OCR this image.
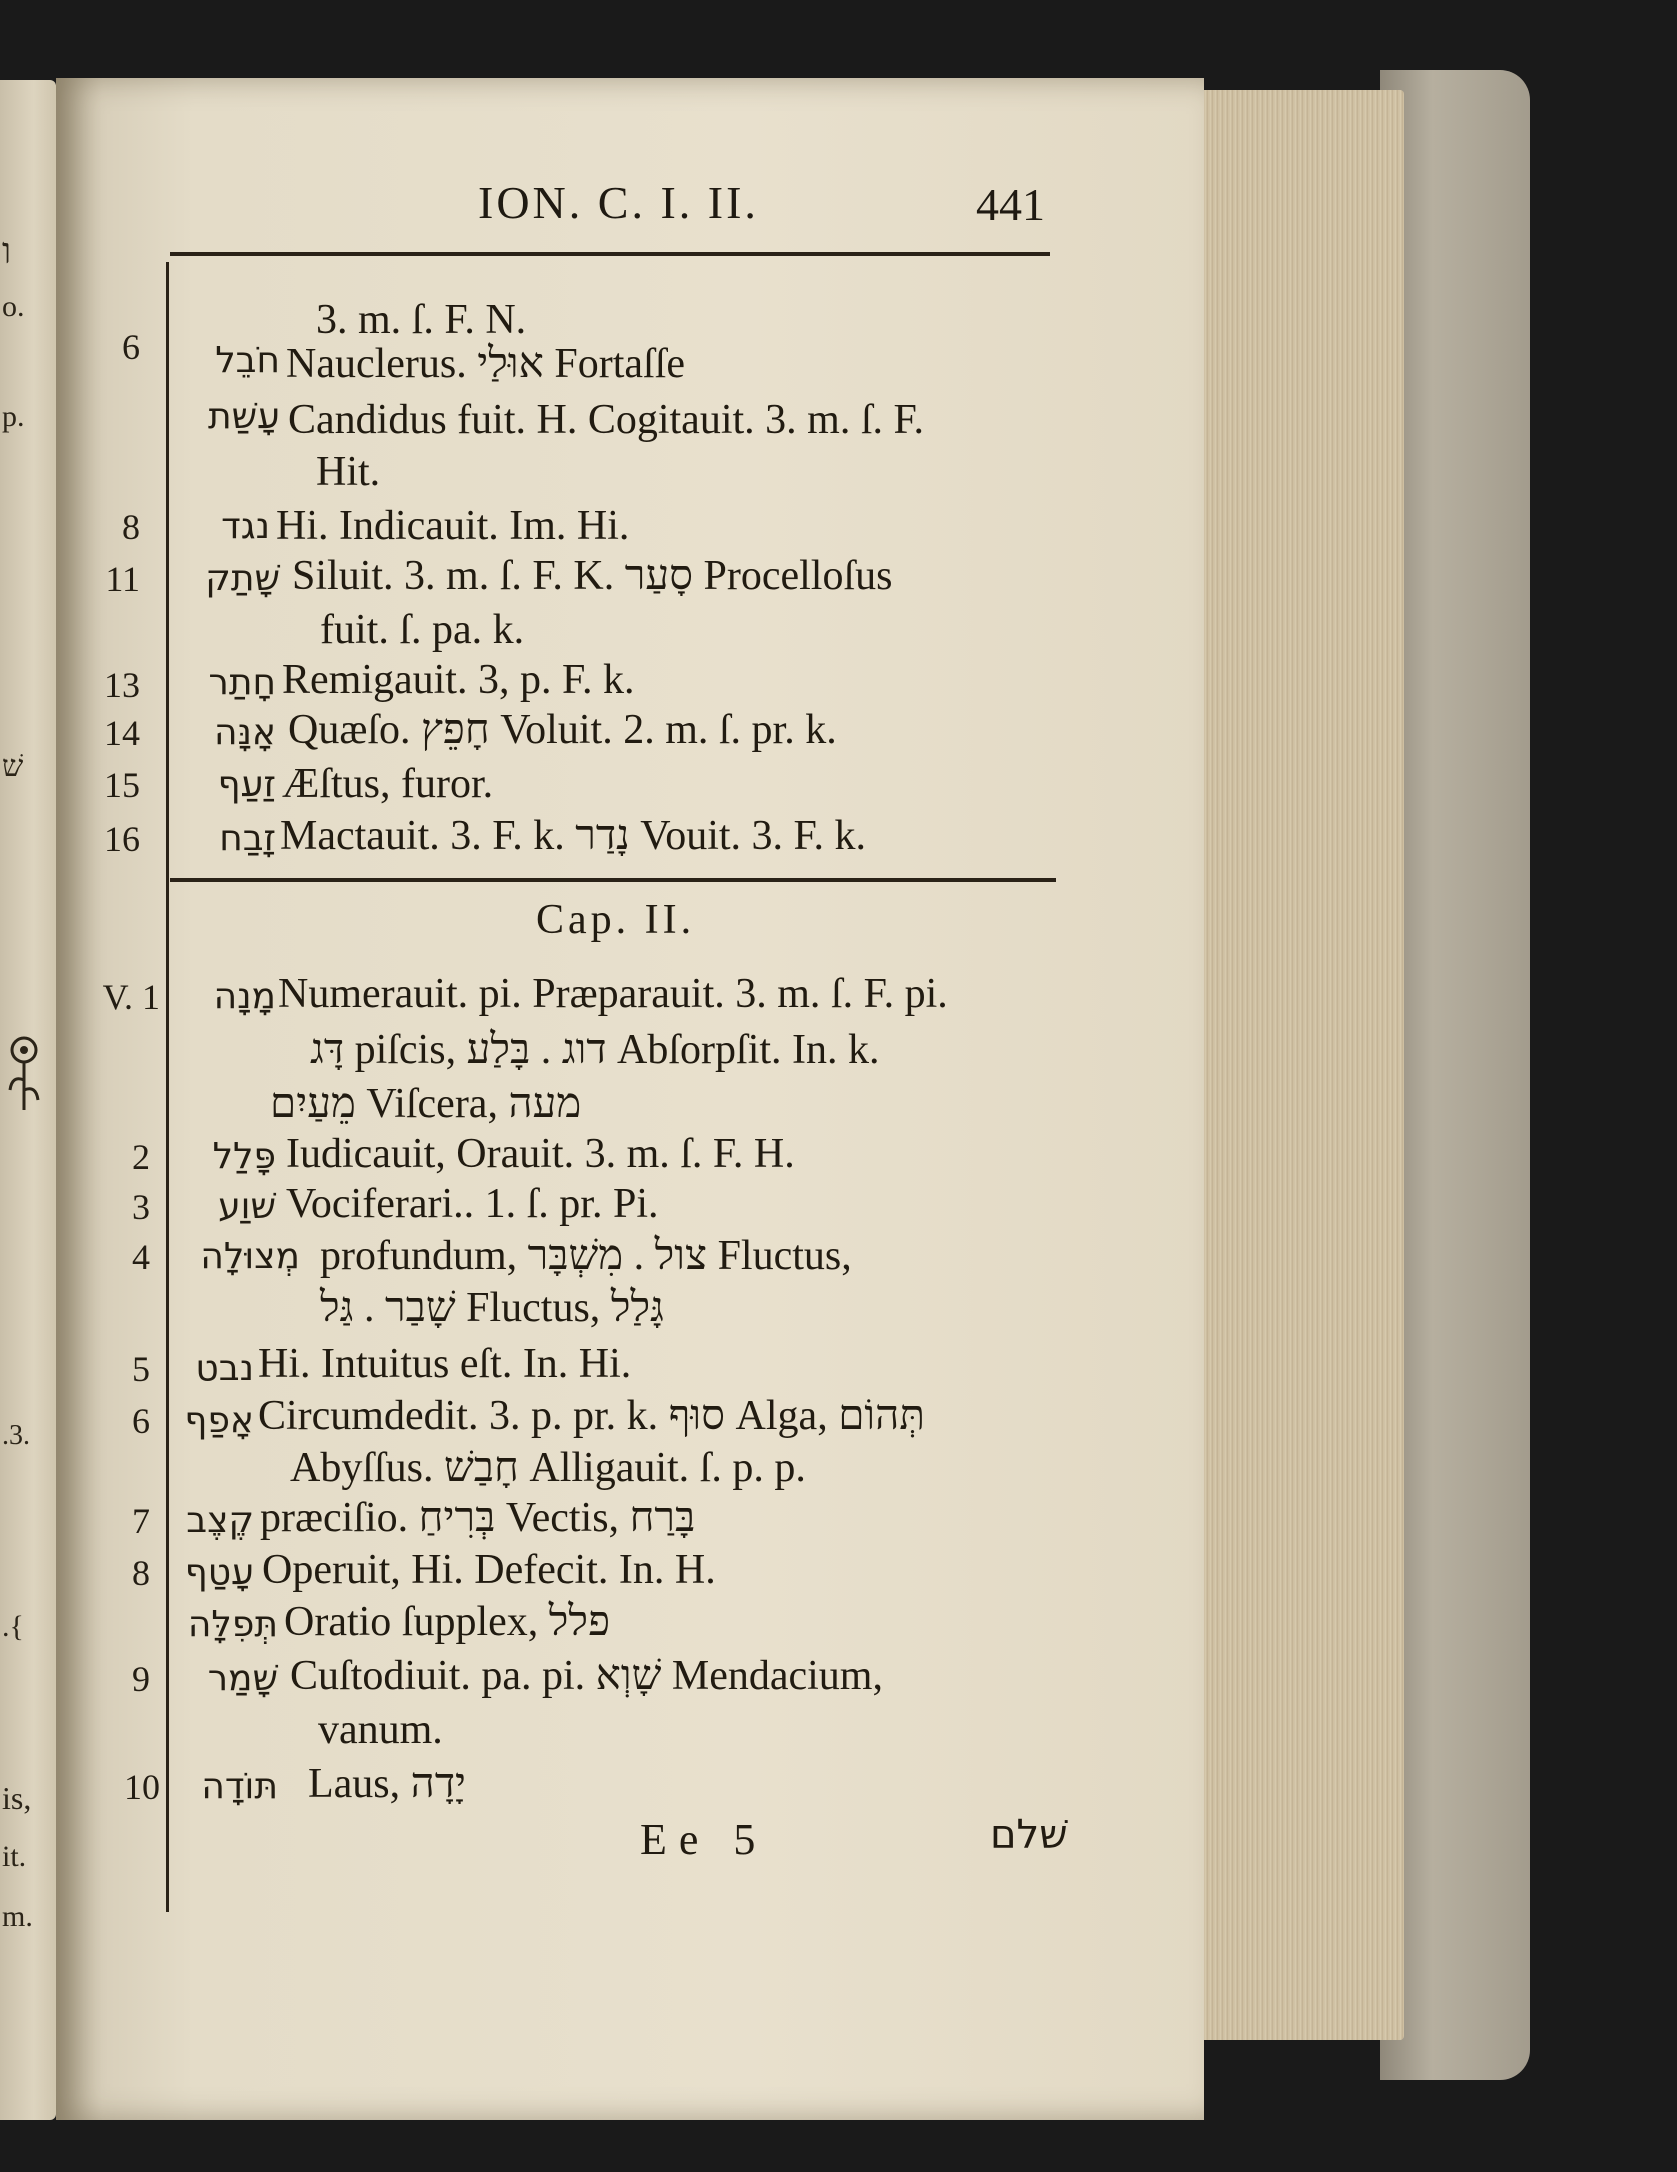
ו
o.
p.
שׁ
.3.
.{
is,
it.
m.
ION. C. I. II.	441
3. m. ſ. F. N.
6	חֹבֵל Nauclerus. אוּלַי Fortaſſe
עָשַׁת Candidus fuit. H. Cogitauit. 3. m. ſ. F.
Hit.
8	נגד Hi. Indicauit. Im. Hi.
11	שָׁתַק Siluit. 3. m. ſ. F. K. סָעַר Procelloſus
fuit. ſ. pa. k.
13	חָתַר Remigauit. 3, p. F. k.
14	אָנָּה Quæſo. חָפֵץ Voluit. 2. m. ſ. pr. k.
15	זַעַף Æſtus, furor.
16	זָבַח Mactauit. 3. F. k. נָדַר Vouit. 3. F. k.
Cap. II.
V. 1	מָנָה Numerauit. pi. Præparauit. 3. m. ſ. F. pi.
דָּג piſcis, דוג . בָּלַע Abſorpſit. In. k.
מֵעַיִם Viſcera, מעה
2	פָּלַל Iudicauit, Orauit. 3. m. ſ. F. H.
3	שׁוַע Vociferari.. 1. ſ. pr. Pi.
4	מְצוּלָה profundum, צול . מִשְׁבָּר Fluctus,
שָׁבַר . גַּל Fluctus, גָּלַל
5	נבט Hi. Intuitus eſt. In. Hi.
6 אָפַף Circumdedit. 3. p. pr. k. סוּף Alga, תְּהוֹם
Abyſſus. חָבַשׁ Alligauit. ſ. p. p.
7	קֶצֶב præciſio. בְּרִיחַ Vectis, בָּרַח
8 עָטַף Operuit, Hi. Defecit. In. H.
תְּפִלָּה Oratio ſupplex, פלל
9	שָׁמַר Cuſtodiuit. pa. pi. שָׁוְא Mendacium,
vanum.
10	תּוֹדָה Laus, יָדָה
Ee 5	שׁלם
